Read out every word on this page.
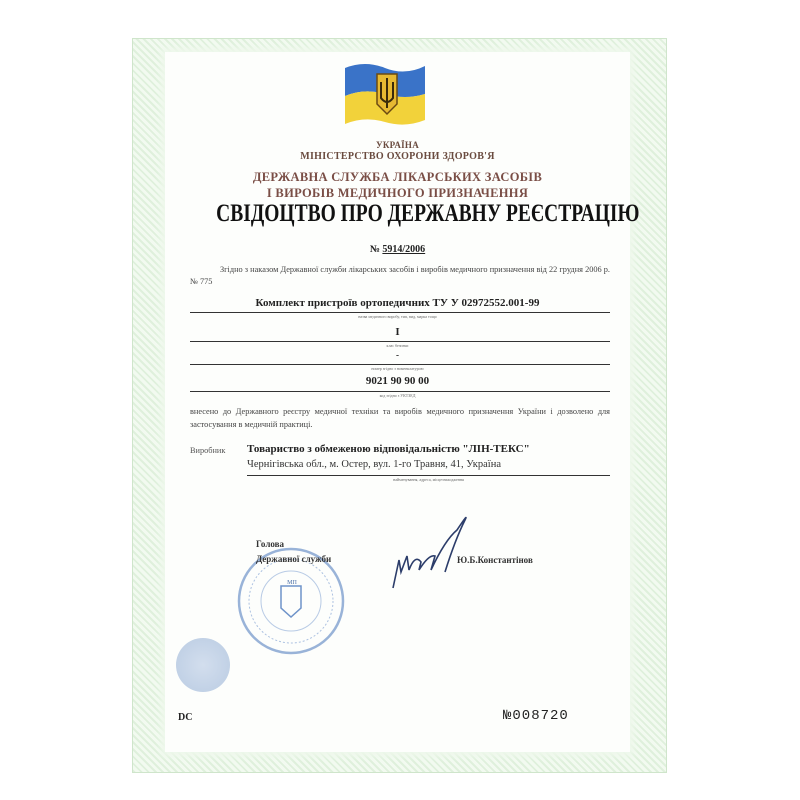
УКРАЇНА
МІНІСТЕРСТВО ОХОРОНИ ЗДОРОВ'Я
ДЕРЖАВНА СЛУЖБА ЛІКАРСЬКИХ ЗАСОБІВ
І ВИРОБІВ МЕДИЧНОГО ПРИЗНАЧЕННЯ
СВІДОЦТВО ПРО ДЕРЖАВНУ РЕЄСТРАЦІЮ
№ 5914/2006
Згідно з наказом Державної служби лікарських засобів і виробів медичного призначення від 22 грудня 2006 р. № 775
Комплект пристроїв ортопедичних ТУ У 02972552.001-99
назва медичного виробу, тип, вид, марка тощо
I
клас безпеки
-
номер згідно з номенклатурою
9021 90 90 00
код згідно з УКТЗЕД
внесено до Державного реєстру медичної техніки та виробів медичного призначення України і дозволено для застосування в медичній практиці.
Виробник Товариство з обмеженою відповідальністю "ЛІН-ТЕКС"
Чернігівська обл., м. Остер, вул. 1-го Травня, 41, Україна
найменування, адреса, місцезнаходження
МП
Голова
Державної служби	Ю.Б.Константінов
DC	№008720
